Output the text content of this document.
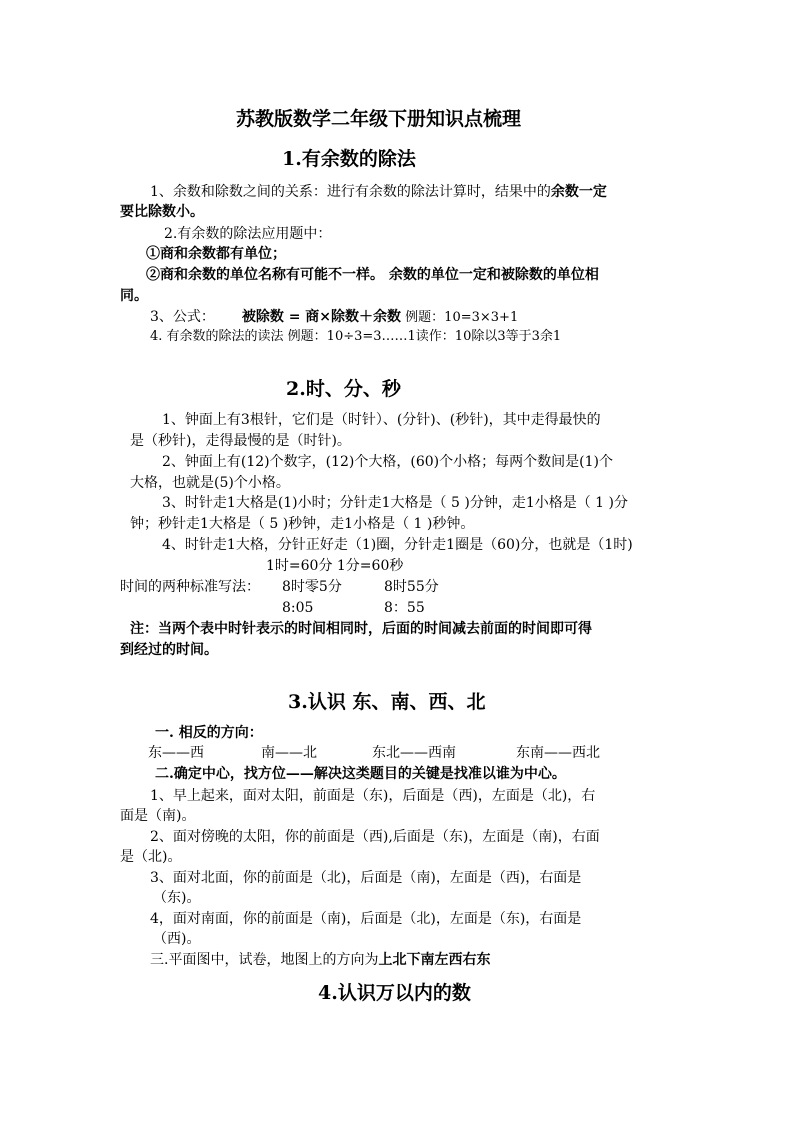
苏教版数学二年级下册知识点梳理
1.有余数的除法
1、余数和除数之间的关系：进行有余数的除法计算时，结果中的余数一定
要比除数小。
2.有余数的除法应用题中：
①商和余数都有单位；
②商和余数的单位名称有可能不一样。 余数的单位一定和被除数的单位相
同。
3、公式： 被除数 = 商×除数＋余数 例题：10=3×3+1
4. 有余数的除法的读法 例题：10÷3=3……1读作：10除以3等于3余1
2.时、分、秒
1、钟面上有3根针，它们是（时针）、(分针)、(秒针)，其中走得最快的
是（秒针)，走得最慢的是（时针)。
2、钟面上有(12)个数字，(12)个大格，(60)个小格；每两个数间是(1)个
大格，也就是(5)个小格。
3、时针走1大格是(1)小时；分针走1大格是（ 5 )分钟，走1小格是（ 1 )分
钟；秒针走1大格是（ 5 )秒钟，走1小格是（ 1 )秒钟。
4、时针走1大格，分针正好走（1)圈，分针走1圈是（60)分，也就是（1时)
1时=60分 1分=60秒
时间的两种标准写法： 8时零5分	8时55分
8:05	8：55
注：当两个表中时针表示的时间相同时，后面的时间减去前面的时间即可得
到经过的时间。
3.认识 东、南、西、北
一. 相反的方向：
东——西	南——北	东北——西南	东南——西北
二.确定中心，找方位——解决这类题目的关键是找准以谁为中心。
1、早上起来，面对太阳，前面是（东)，后面是（西)，左面是（北)，右
面是（南)。
2、面对傍晚的太阳，你的前面是（西),后面是（东)，左面是（南)，右面
是（北)。
3、面对北面，你的前面是（北)，后面是（南)，左面是（西)，右面是
（东)。
4，面对南面，你的前面是（南)，后面是（北)，左面是（东)，右面是
（西)。
三.平面图中，试卷，地图上的方向为上北下南左西右东
4.认识万以内的数
